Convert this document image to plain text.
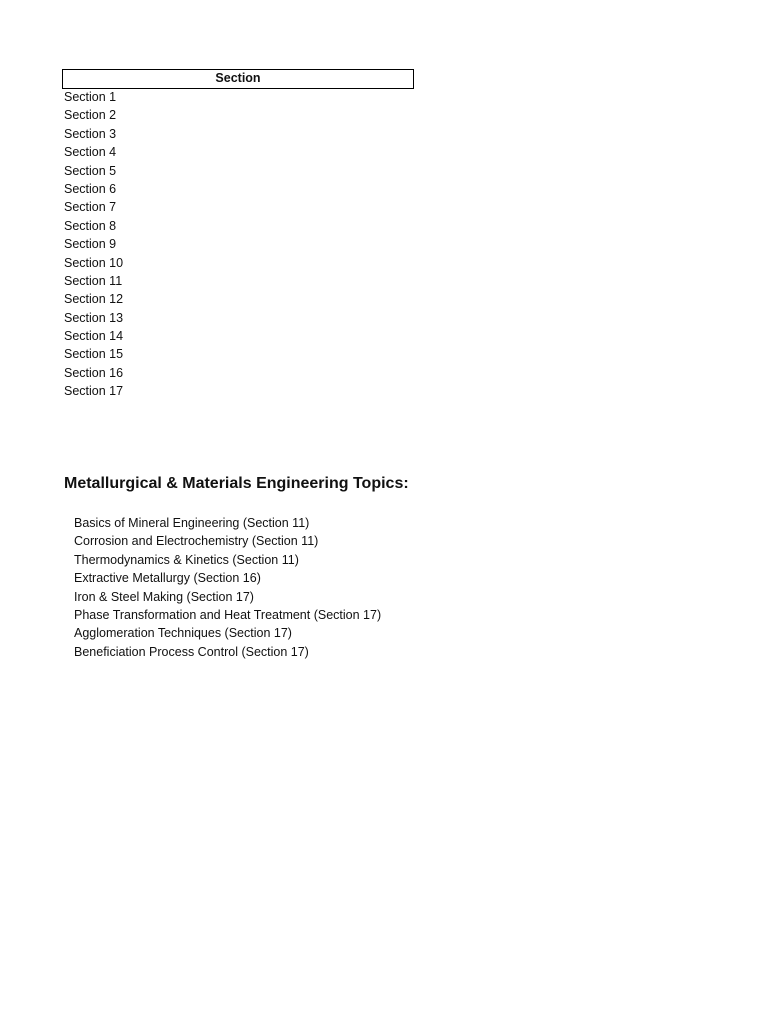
Section
Section 1
Section 2
Section 3
Section 4
Section 5
Section 6
Section 7
Section 8
Section 9
Section 10
Section 11
Section 12
Section 13
Section 14
Section 15
Section 16
Section 17
Metallurgical & Materials Engineering Topics:
Basics of Mineral Engineering (Section 11)
Corrosion and Electrochemistry (Section 11)
Thermodynamics & Kinetics (Section 11)
Extractive Metallurgy (Section 16)
Iron & Steel Making (Section 17)
Phase Transformation and Heat Treatment (Section 17)
Agglomeration Techniques (Section 17)
Beneficiation Process Control (Section 17)
